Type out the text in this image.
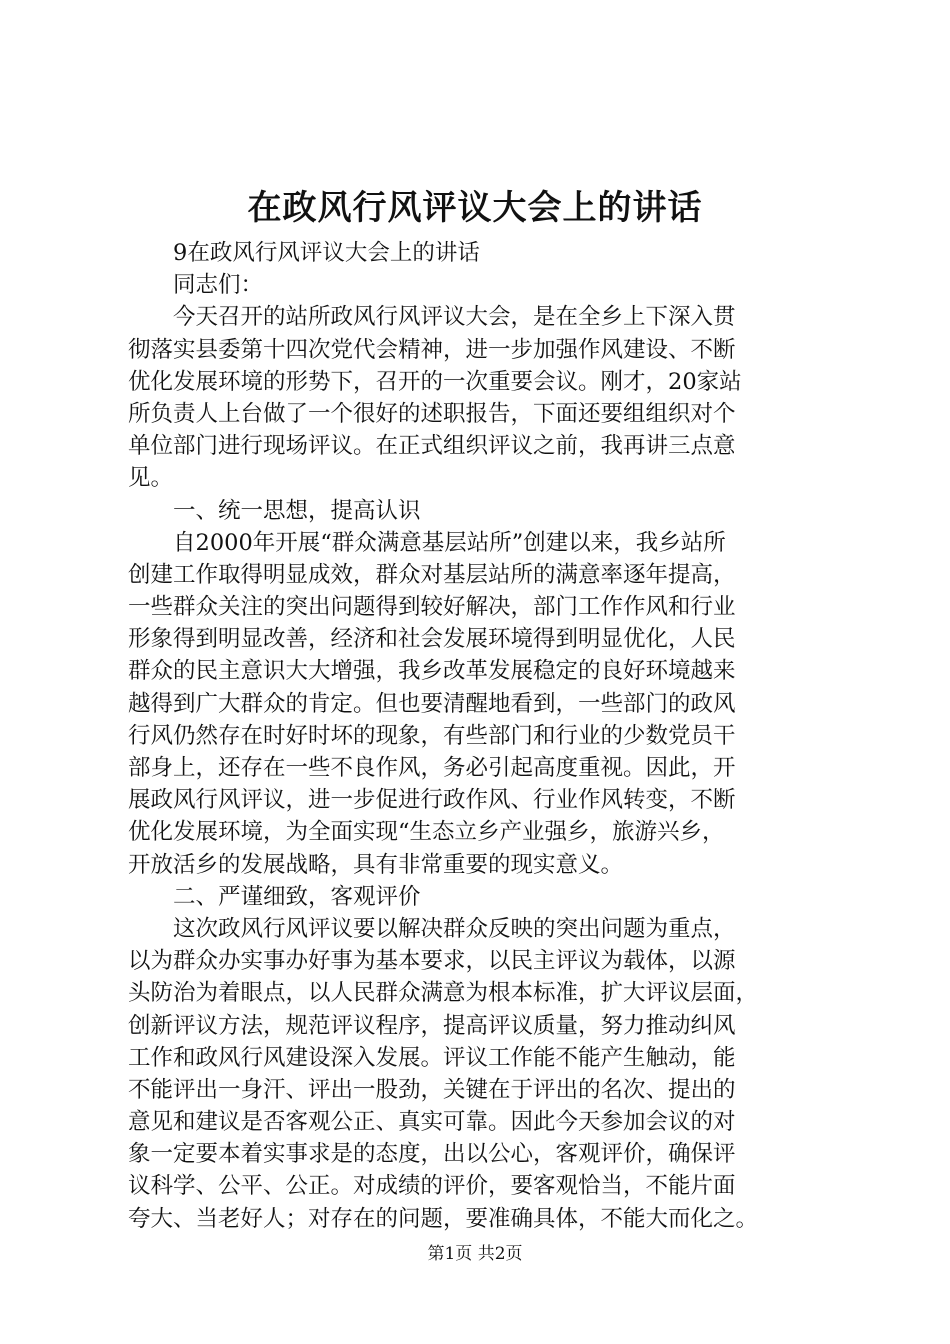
在政风行风评议大会上的讲话
9在政风行风评议大会上的讲话
同志们：
今天召开的站所政风行风评议大会，是在全乡上下深入贯
彻落实县委第十四次党代会精神，进一步加强作风建设、不断
优化发展环境的形势下，召开的一次重要会议。刚才，20家站
所负责人上台做了一个很好的述职报告，下面还要组组织对个
单位部门进行现场评议。在正式组织评议之前，我再讲三点意
见。
一、统一思想，提高认识
自2000年开展“群众满意基层站所”创建以来，我乡站所
创建工作取得明显成效，群众对基层站所的满意率逐年提高，
一些群众关注的突出问题得到较好解决，部门工作作风和行业
形象得到明显改善，经济和社会发展环境得到明显优化，人民
群众的民主意识大大增强，我乡改革发展稳定的良好环境越来
越得到广大群众的肯定。但也要清醒地看到，一些部门的政风
行风仍然存在时好时坏的现象，有些部门和行业的少数党员干
部身上，还存在一些不良作风，务必引起高度重视。因此，开
展政风行风评议，进一步促进行政作风、行业作风转变，不断
优化发展环境，为全面实现“生态立乡产业强乡，旅游兴乡，
开放活乡的发展战略，具有非常重要的现实意义。
二、严谨细致，客观评价
这次政风行风评议要以解决群众反映的突出问题为重点，
以为群众办实事办好事为基本要求，以民主评议为载体，以源
头防治为着眼点，以人民群众满意为根本标准，扩大评议层面，
创新评议方法，规范评议程序，提高评议质量，努力推动纠风
工作和政风行风建设深入发展。评议工作能不能产生触动，能
不能评出一身汗、评出一股劲，关键在于评出的名次、提出的
意见和建议是否客观公正、真实可靠。因此今天参加会议的对
象一定要本着实事求是的态度，出以公心，客观评价，确保评
议科学、公平、公正。对成绩的评价，要客观恰当，不能片面
夸大、当老好人；对存在的问题，要准确具体，不能大而化之。
第1页 共2页
